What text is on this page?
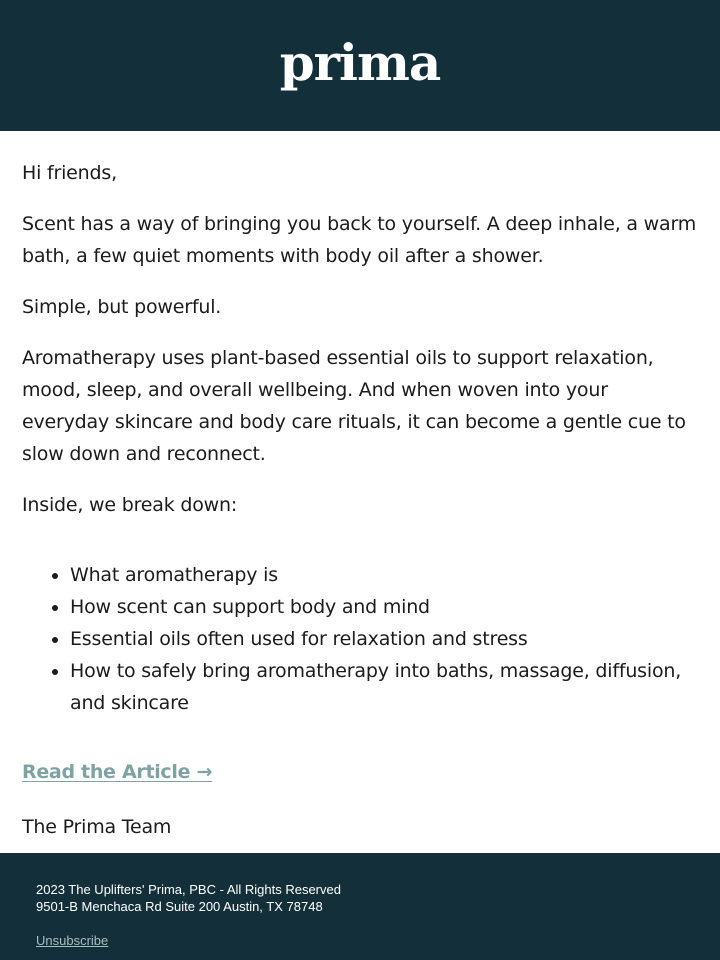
prima

Hi friends,

Scent has a way of bringing you back to yourself. A deep inhale, a warm bath, a few quiet moments with body oil after a shower.

Simple, but powerful.

Aromatherapy uses plant-based essential oils to support relaxation, mood, sleep, and overall wellbeing. And when woven into your everyday skincare and body care rituals, it can become a gentle cue to slow down and reconnect.

Inside, we break down:

• What aromatherapy is
• How scent can support body and mind
• Essential oils often used for relaxation and stress
• How to safely bring aromatherapy into baths, massage, diffusion, and skincare
Read the Article →
The Prima Team
2023 The Uplifters' Prima, PBC - All Rights Reserved
9501-B Menchaca Rd Suite 200 Austin, TX 78748
Unsubscribe
